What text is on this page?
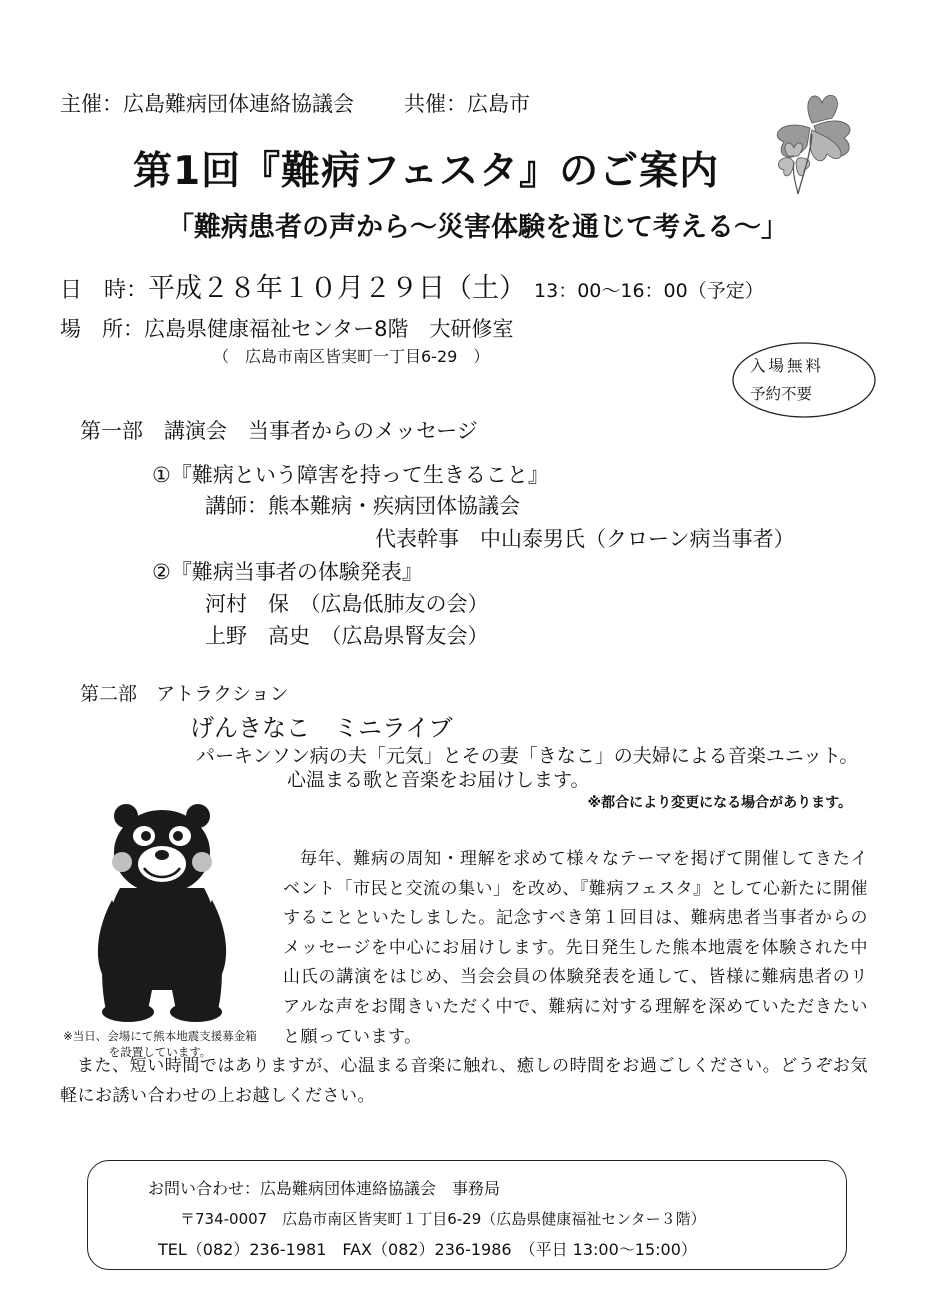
主催：広島難病団体連絡協議会 共催：広島市
第1回『難病フェスタ』のご案内
「難病患者の声から～災害体験を通じて考える～」
日　時：平成２８年１０月２９日（土） 13：00～16：00（予定）
場　所：広島県健康福祉センター8階　大研修室
（　広島市南区皆実町一丁目6-29　）	入場無料
予約不要
第一部　講演会　当事者からのメッセージ
①『難病という障害を持って生きること』
講師：熊本難病・疾病団体協議会
代表幹事　中山泰男氏（クローン病当事者）
②『難病当事者の体験発表』
河村　保　（広島低肺友の会）
上野　高史　（広島県腎友会）
第二部　アトラクション
げんきなこ　ミニライブ
パーキンソン病の夫「元気」とその妻「きなこ」の夫婦による音楽ユニット。
心温まる歌と音楽をお届けします。
※都合により変更になる場合があります。
※当日、会場にて熊本地震支援募金箱を設置しています。

毎年、難病の周知・理解を求めて様々なテーマを掲げて開催してきたイベント「市民と交流の集い」を改め、『難病フェスタ』として心新たに開催することといたしました。記念すべき第１回目は、難病患者当事者からのメッセージを中心にお届けします。先日発生した熊本地震を体験された中山氏の講演をはじめ、当会会員の体験発表を通して、皆様に難病患者のリアルな声をお聞きいただく中で、難病に対する理解を深めていただきたいと願っています。

また、短い時間ではありますが、心温まる音楽に触れ、癒しの時間をお過ごしください。どうぞお気軽にお誘い合わせの上お越しください。

お問い合わせ：広島難病団体連絡協議会　事務局
〒734-0007　広島市南区皆実町１丁目6-29（広島県健康福祉センター３階）
TEL（082）236-1981　FAX（082）236-1986　（平日 13:00～15:00）
